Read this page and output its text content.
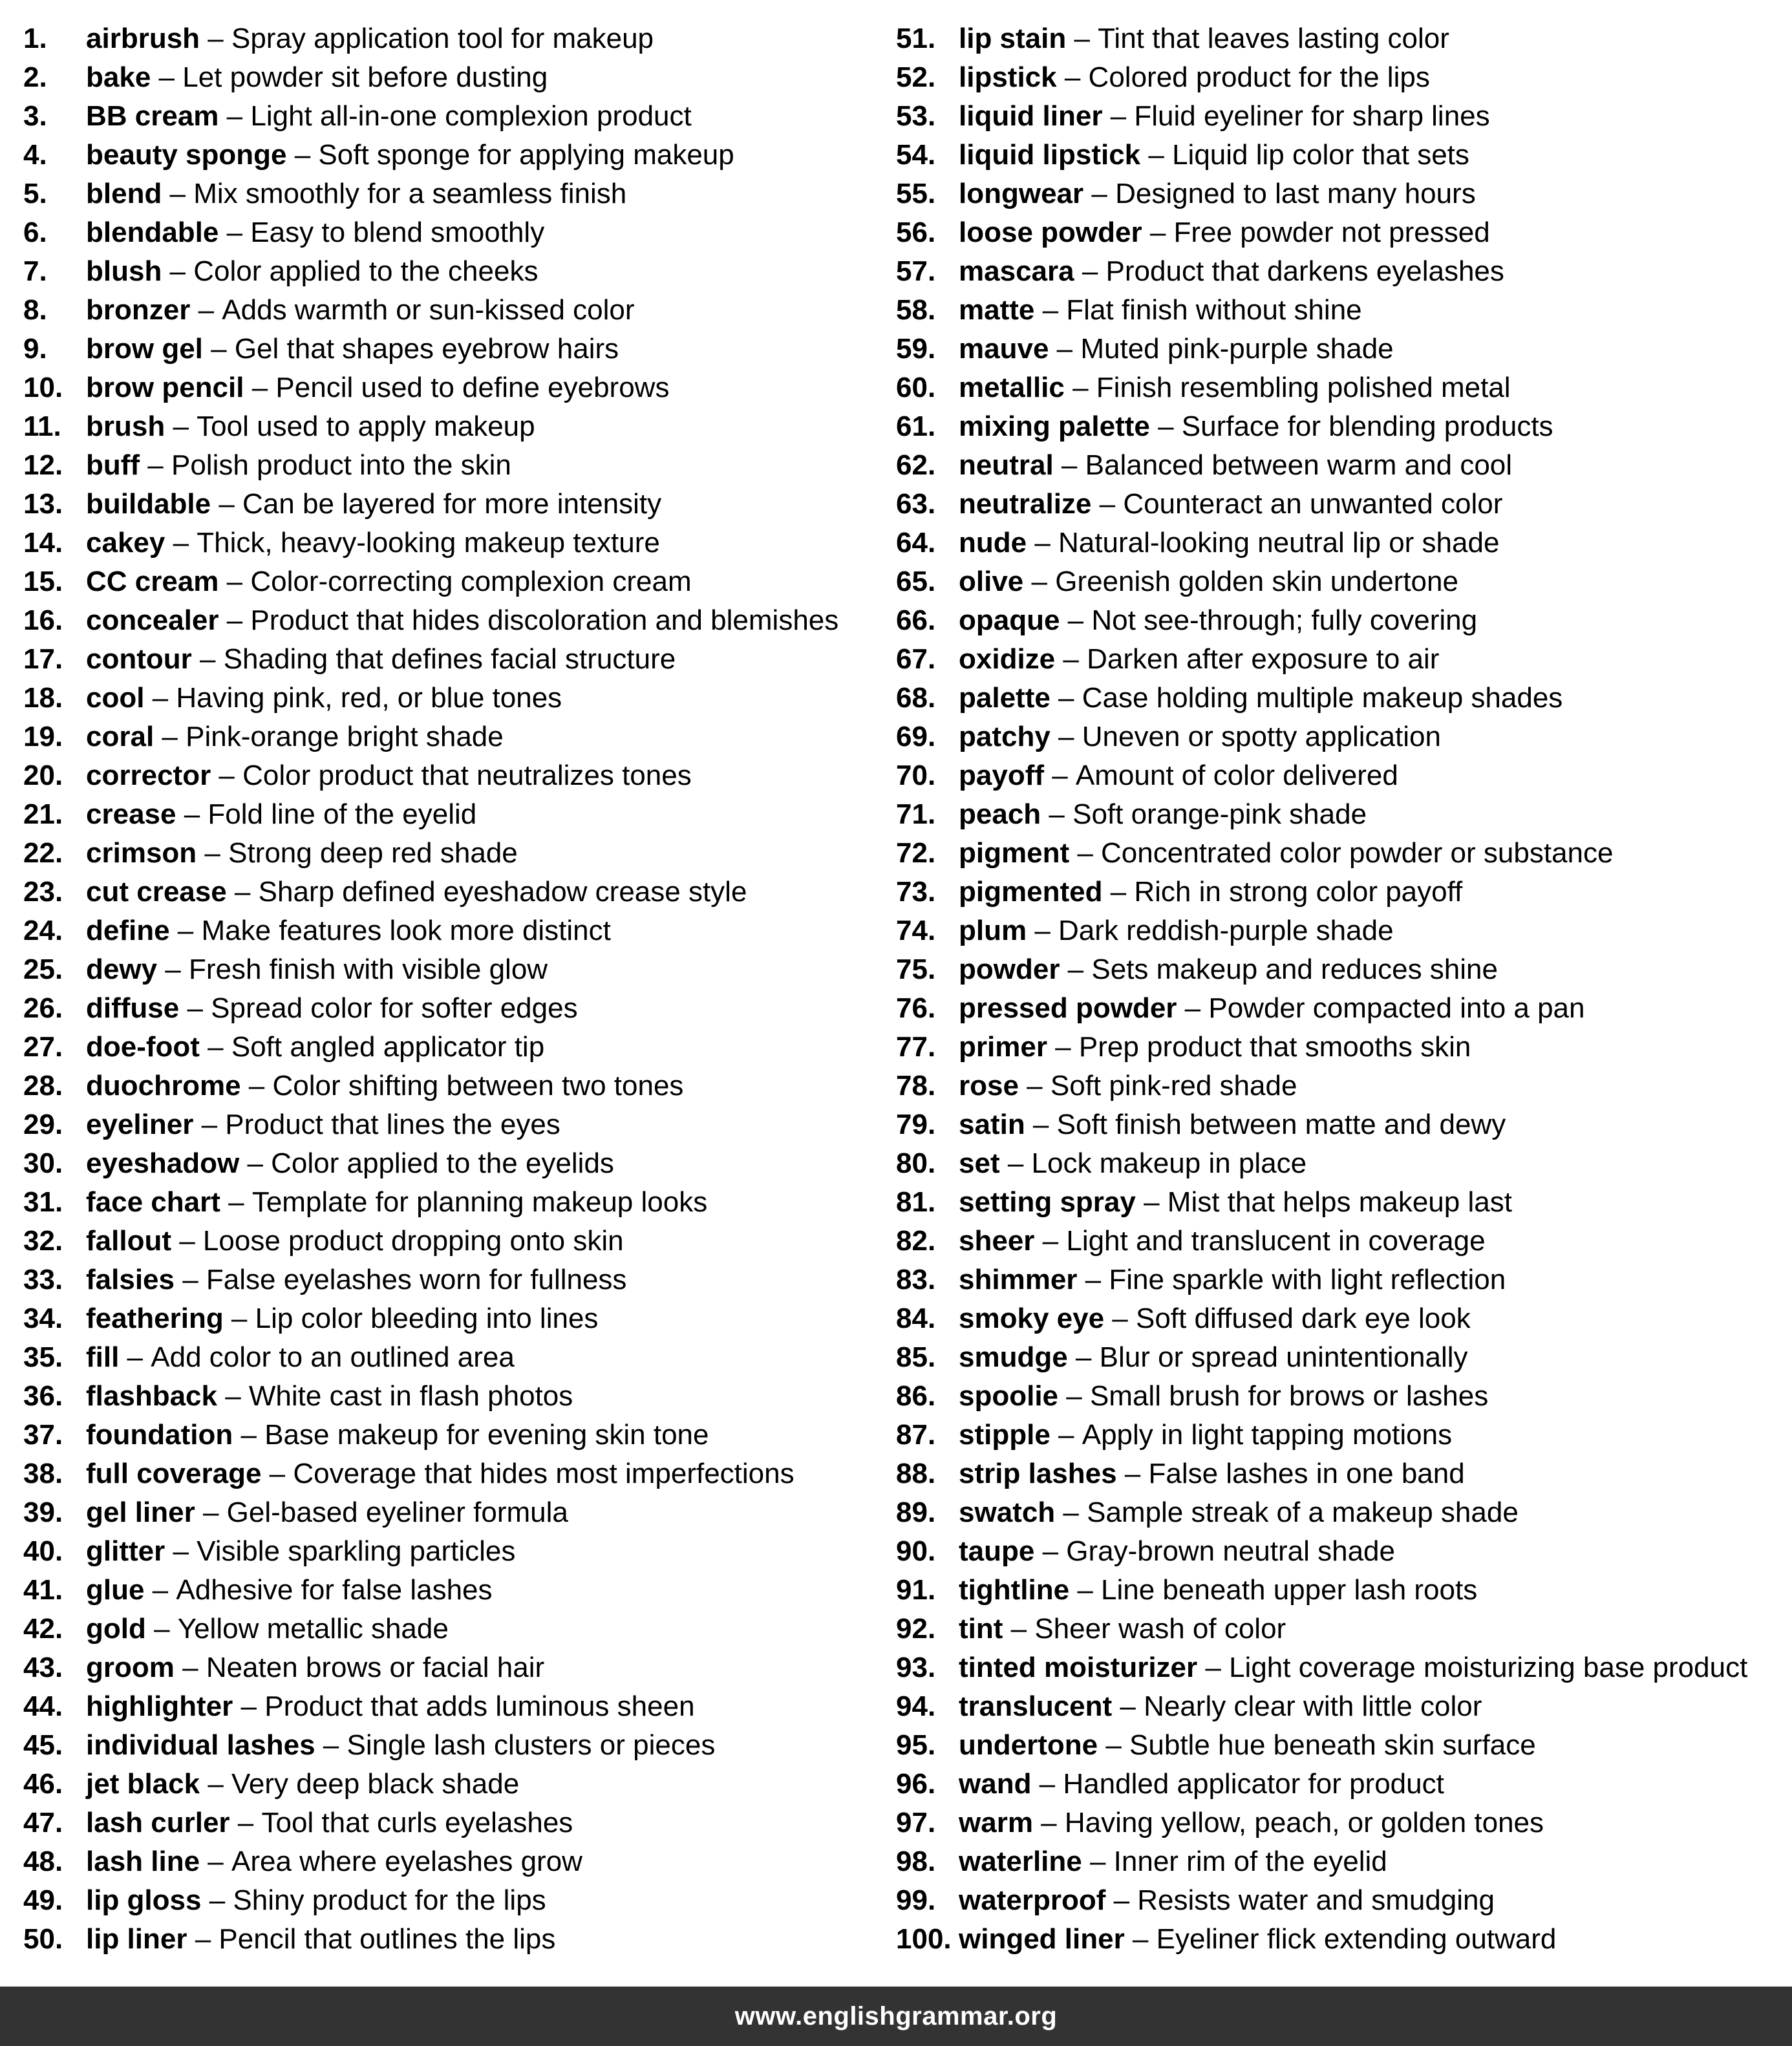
1.	airbrush – Spray application tool for makeup
2.	bake – Let powder sit before dusting
3.	BB cream – Light all-in-one complexion product
4.	beauty sponge – Soft sponge for applying makeup
5.	blend – Mix smoothly for a seamless finish
6.	blendable – Easy to blend smoothly
7.	blush – Color applied to the cheeks
8.	bronzer – Adds warmth or sun-kissed color
9.	brow gel – Gel that shapes eyebrow hairs
10. brow pencil – Pencil used to define eyebrows
11. brush – Tool used to apply makeup
12. buff – Polish product into the skin
13. buildable – Can be layered for more intensity
14. cakey – Thick, heavy-looking makeup texture
15. CC cream – Color-correcting complexion cream
16. concealer – Product that hides discoloration and blemishes
17. contour – Shading that defines facial structure
18. cool – Having pink, red, or blue tones
19. coral – Pink-orange bright shade
20. corrector – Color product that neutralizes tones
21. crease – Fold line of the eyelid
22. crimson – Strong deep red shade
23. cut crease – Sharp defined eyeshadow crease style
24. define – Make features look more distinct
25. dewy – Fresh finish with visible glow
26. diffuse – Spread color for softer edges
27. doe-foot – Soft angled applicator tip
28. duochrome – Color shifting between two tones
29. eyeliner – Product that lines the eyes
30. eyeshadow – Color applied to the eyelids
31. face chart – Template for planning makeup looks
32. fallout – Loose product dropping onto skin
33. falsies – False eyelashes worn for fullness
34. feathering – Lip color bleeding into lines
35. fill – Add color to an outlined area
36. flashback – White cast in flash photos
37. foundation – Base makeup for evening skin tone
38. full coverage – Coverage that hides most imperfections
39. gel liner – Gel-based eyeliner formula
40. glitter – Visible sparkling particles
41. glue – Adhesive for false lashes
42. gold – Yellow metallic shade
43. groom – Neaten brows or facial hair
44. highlighter – Product that adds luminous sheen
45. individual lashes – Single lash clusters or pieces
46. jet black – Very deep black shade
47. lash curler – Tool that curls eyelashes
48. lash line – Area where eyelashes grow
49. lip gloss – Shiny product for the lips
50. lip liner – Pencil that outlines the lips
51. lip stain – Tint that leaves lasting color
52. lipstick – Colored product for the lips
53. liquid liner – Fluid eyeliner for sharp lines
54. liquid lipstick – Liquid lip color that sets
55. longwear – Designed to last many hours
56. loose powder – Free powder not pressed
57. mascara – Product that darkens eyelashes
58. matte – Flat finish without shine
59. mauve – Muted pink-purple shade
60. metallic – Finish resembling polished metal
61. mixing palette – Surface for blending products
62. neutral – Balanced between warm and cool
63. neutralize – Counteract an unwanted color
64. nude – Natural-looking neutral lip or shade
65. olive – Greenish golden skin undertone
66. opaque – Not see-through; fully covering
67. oxidize – Darken after exposure to air
68. palette – Case holding multiple makeup shades
69. patchy – Uneven or spotty application
70. payoff – Amount of color delivered
71. peach – Soft orange-pink shade
72. pigment – Concentrated color powder or substance
73. pigmented – Rich in strong color payoff
74. plum – Dark reddish-purple shade
75. powder – Sets makeup and reduces shine
76. pressed powder – Powder compacted into a pan
77. primer – Prep product that smooths skin
78. rose – Soft pink-red shade
79. satin – Soft finish between matte and dewy
80. set – Lock makeup in place
81. setting spray – Mist that helps makeup last
82. sheer – Light and translucent in coverage
83. shimmer – Fine sparkle with light reflection
84. smoky eye – Soft diffused dark eye look
85. smudge – Blur or spread unintentionally
86. spoolie – Small brush for brows or lashes
87. stipple – Apply in light tapping motions
88. strip lashes – False lashes in one band
89. swatch – Sample streak of a makeup shade
90. taupe – Gray-brown neutral shade
91. tightline – Line beneath upper lash roots
92. tint – Sheer wash of color
93. tinted moisturizer – Light coverage moisturizing base product
94. translucent – Nearly clear with little color
95. undertone – Subtle hue beneath skin surface
96. wand – Handled applicator for product
97. warm – Having yellow, peach, or golden tones
98. waterline – Inner rim of the eyelid
99. waterproof – Resists water and smudging
100. winged liner – Eyeliner flick extending outward
www.englishgrammar.org
